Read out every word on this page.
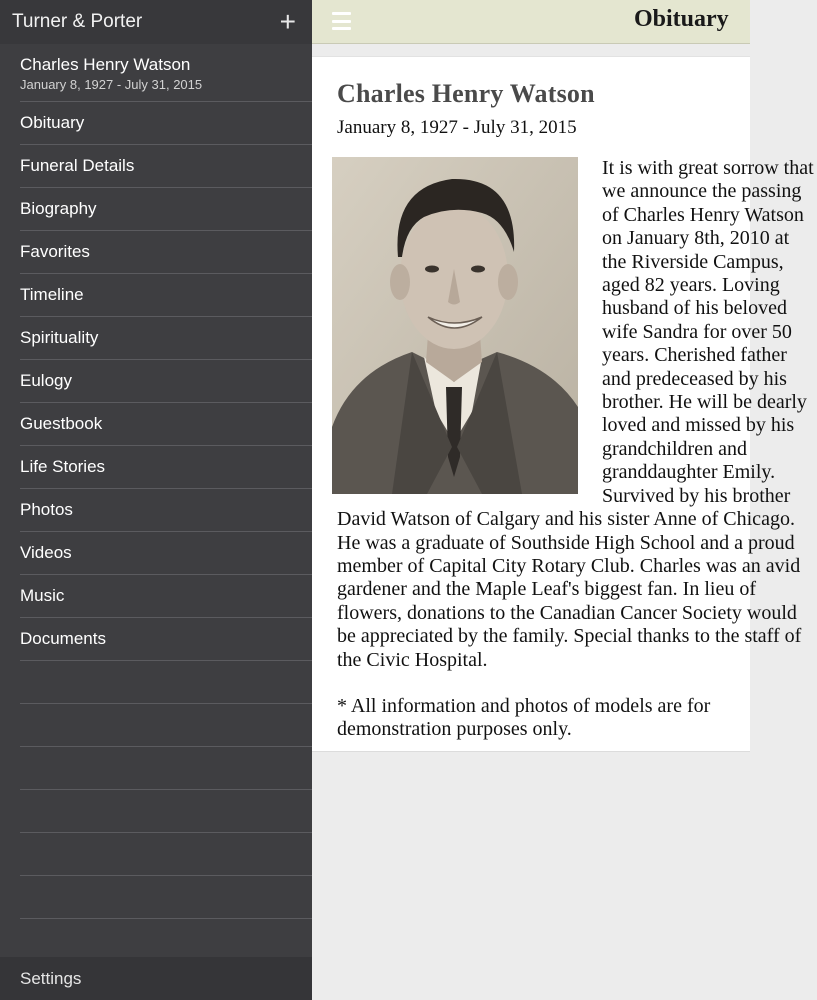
Turner & Porter	+
Charles Henry Watson
January 8, 1927 - July 31, 2015
Obituary
Funeral Details
Biography
Favorites
Timeline
Spirituality
Eulogy
Guestbook
Life Stories
Photos
Videos
Music
Documents
Settings
Obituary
Charles Henry Watson
January 8, 1927 - July 31, 2015
It is with great sorrow that we announce the passing of Charles Henry Watson on January 8th, 2010 at the Riverside Campus, aged 82 years. Loving husband of his beloved wife Sandra for over 50 years. Cherished father and predeceased by his brother. He will be dearly loved and missed by his grandchildren and granddaughter Emily. Survived by his brother David Watson of Calgary and his sister Anne of Chicago. He was a graduate of Southside High School and a proud member of Capital City Rotary Club. Charles was an avid gardener and the Maple Leaf's biggest fan. In lieu of flowers, donations to the Canadian Cancer Society would be appreciated by the family. Special thanks to the staff of the Civic Hospital.
* All information and photos of models are for demonstration purposes only.
